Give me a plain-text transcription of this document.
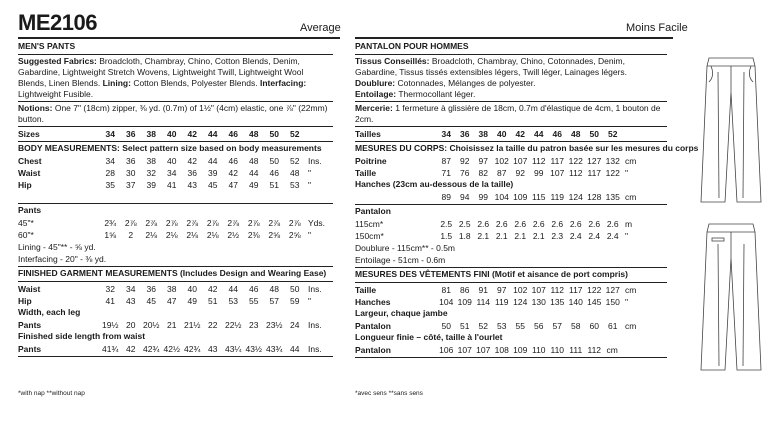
ME2106	Average	Moins Facile
MEN'S PANTS

Suggested Fabrics: Broadcloth, Chambray, Chino, Cotton Blends, Denim, Gabardine, Lightweight Stretch Wovens, Lightweight Twill, Lightweight Wool Blends, Linen Blends. Lining: Cotton Blends, Polyester Blends. Interfacing: Lightweight Fusible.

Notions: One 7" (18cm) zipper, ⅜ yd. (0.7m) of 1½" (4cm) elastic, one ⅞" (22mm) button.

Sizes	34	36	38	40	42	44	46	48	50	52
BODY MEASUREMENTS: Select pattern size based on body measurements
Chest	34	36	38	40	42	44	46	48	50	52	Ins.
Waist	28	30	32	34	36	39	42	44	46	48	"
Hip	35	37	39	41	43	45	47	49	51	53	"
Pants
45"*	2¾	2⅞	2⅞	2⅞	2⅞	2⅞	2⅞	2⅞	2⅞	2⅞ Yds.
60"*	1⅝	2	2⅛	2⅛	2⅛	2⅛	2½	2⅜	2⅝	2⅝ "
Lining - 45"** - ⅝ yd.
Interfacing - 20" - ⅜ yd.
FINISHED GARMENT MEASUREMENTS (Includes Design and Wearing Ease)
Waist	32	34	36	38	40	42	44	46	48	50	Ins.
Hip	41	43	45	47	49	51	53	55	57	59	"
Width, each leg
Pants	19½ 20 20½ 21 21½ 22 22½ 23 23½ 24	Ins.
Finished side length from waist
Pants	41¾ 42 42¾ 42½ 42¾ 43 43¼ 43½ 43¾ 44	Ins.
PANTALON POUR HOMMES

Tissus Conseillés: Broadcloth, Chambray, Chino, Cotonnades, Denim, Gabardine, Tissus tissés extensibles légers, Twill léger, Lainages légers. Doublure: Cotonnades, Mélanges de polyester.

Entoilage: Thermocollant léger.

Mercerie: 1 fermeture à glissière de 18cm, 0.7m d'élastique de 4cm, 1 bouton de 2cm.

Tailles	34	36	38	40	42	44	46	48	50	52
MESURES DU CORPS: Choisissez la taille du patron basée sur les mesures du corps
Poitrine	87	92	97 102 107 112 117 122 127 132 cm
Taille	71	76	82	87	92	99 107 112 117 122 "
Hanches (23cm au-dessous de la taille)
89	94	99 104 109 115 119 124 128 135 cm
Pantalon
115cm*	2.5 2.5 2.6 2.6 2.6 2.6 2.6 2.6 2.6 2.6 m
150cm*	1.5 1.8 2.1 2.1 2.1 2.1 2.3 2.4 2.4 2.4 "
Doublure - 115cm** - 0.5m
Entoilage - 51cm - 0.6m
MESURES DES VÊTEMENTS FINI (Motif et aisance de port compris)
Taille	81	86	91	97 102 107 112 117 122 127 cm
Hanches	104 109 114 119 124 130 135 140 145 150 "
Largeur, chaque jambe
Pantalon	50	51	52	53	55	56	57	58	60	61 cm
Longueur finie – côté, taille à l'ourlet
Pantalon	106 107 107 108 109 110 110 111 112 cm
*with nap **without nap	*avec sens **sans sens
